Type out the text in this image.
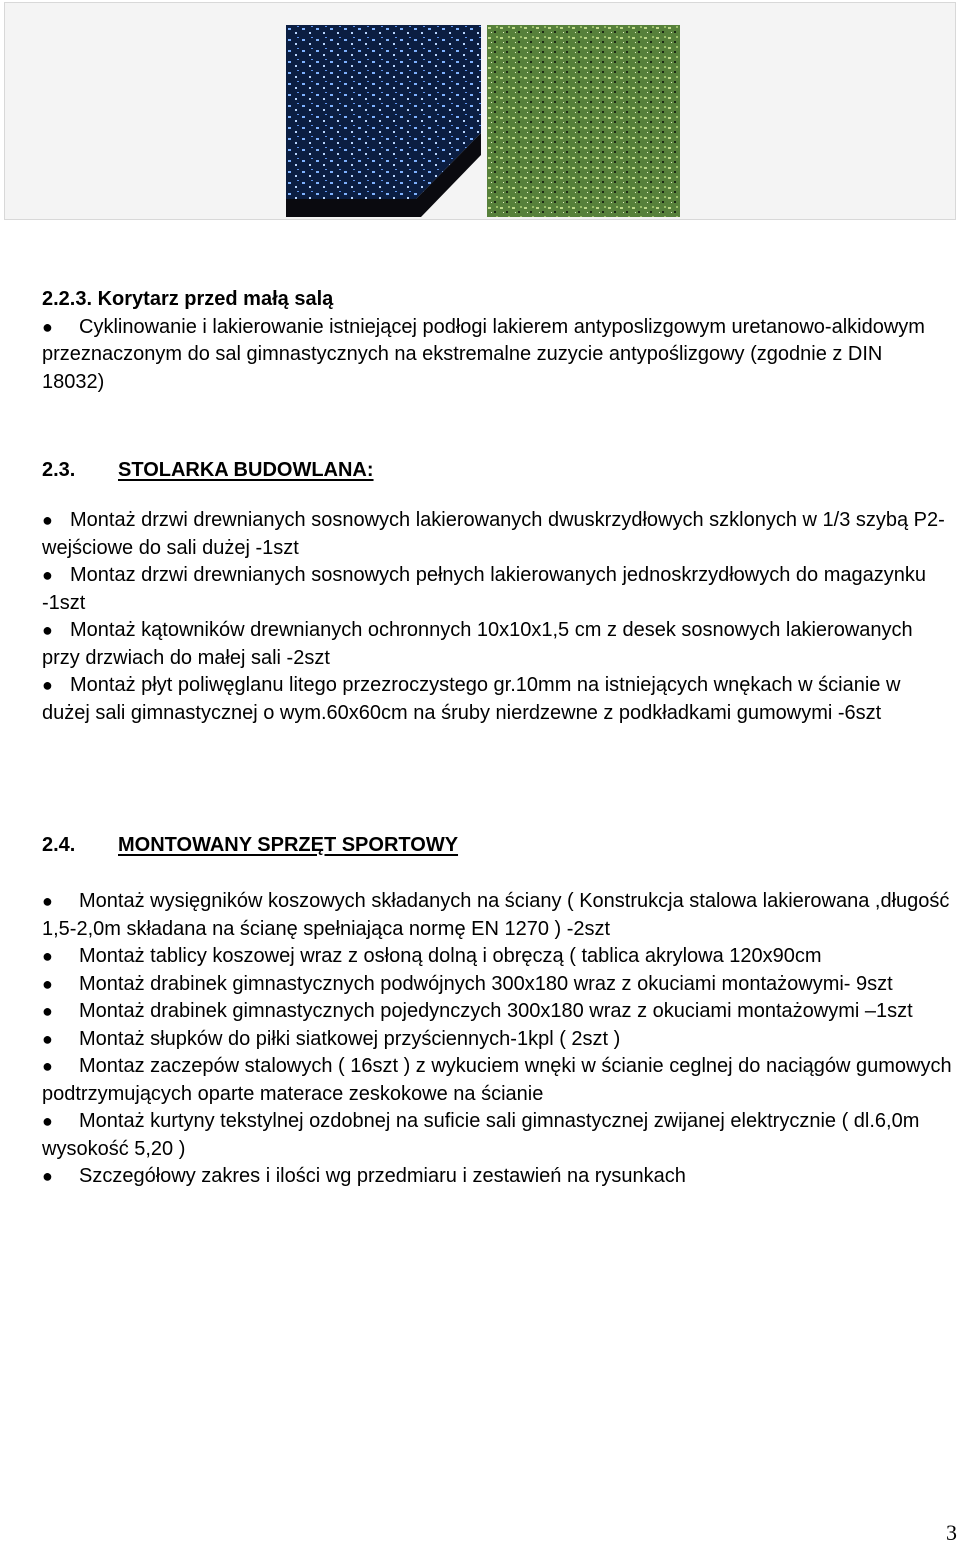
2.2.3. Korytarz przed małą salą
● Cyklinowanie i lakierowanie istniejącej podłogi lakierem antyposlizgowym uretanowo-alkidowym przeznaczonym do sal gimnastycznych na ekstremalne zuzycie antypoślizgowy (zgodnie z DIN 18032)
2.3. STOLARKA BUDOWLANA:
● Montaż drzwi drewnianych sosnowych lakierowanych dwuskrzydłowych szklonych w 1/3 szybą P2- wejściowe do sali dużej -1szt
● Montaz drzwi drewnianych sosnowych pełnych lakierowanych jednoskrzydłowych do magazynku -1szt
● Montaż kątowników drewnianych ochronnych 10x10x1,5 cm z desek sosnowych lakierowanych przy drzwiach do małej sali -2szt
● Montaż płyt poliwęglanu litego przezroczystego gr.10mm na istniejących wnękach w ścianie w dużej sali gimnastycznej o wym.60x60cm na śruby nierdzewne z podkładkami gumowymi -6szt
2.4. MONTOWANY SPRZĘT SPORTOWY
● Montaż wysięgników koszowych składanych na ściany ( Konstrukcja stalowa lakierowana ,długość 1,5-2,0m składana na ścianę spełniająca normę EN 1270 ) -2szt
● Montaż tablicy koszowej wraz z osłoną dolną i obręczą ( tablica akrylowa 120x90cm
● Montaż drabinek gimnastycznych podwójnych 300x180 wraz z okuciami montażowymi- 9szt
● Montaż drabinek gimnastycznych pojedynczych 300x180 wraz z okuciami montażowymi –1szt
● Montaż słupków do piłki siatkowej przyściennych-1kpl ( 2szt )
● Montaz zaczepów stalowych ( 16szt ) z wykuciem wnęki w ścianie ceglnej do naciągów gumowych podtrzymujących oparte materace zeskokowe na ścianie
● Montaż kurtyny tekstylnej ozdobnej na suficie sali gimnastycznej zwijanej elektrycznie ( dl.6,0m wysokość 5,20 )
● Szczegółowy zakres i ilości wg przedmiaru i zestawień na rysunkach
3
